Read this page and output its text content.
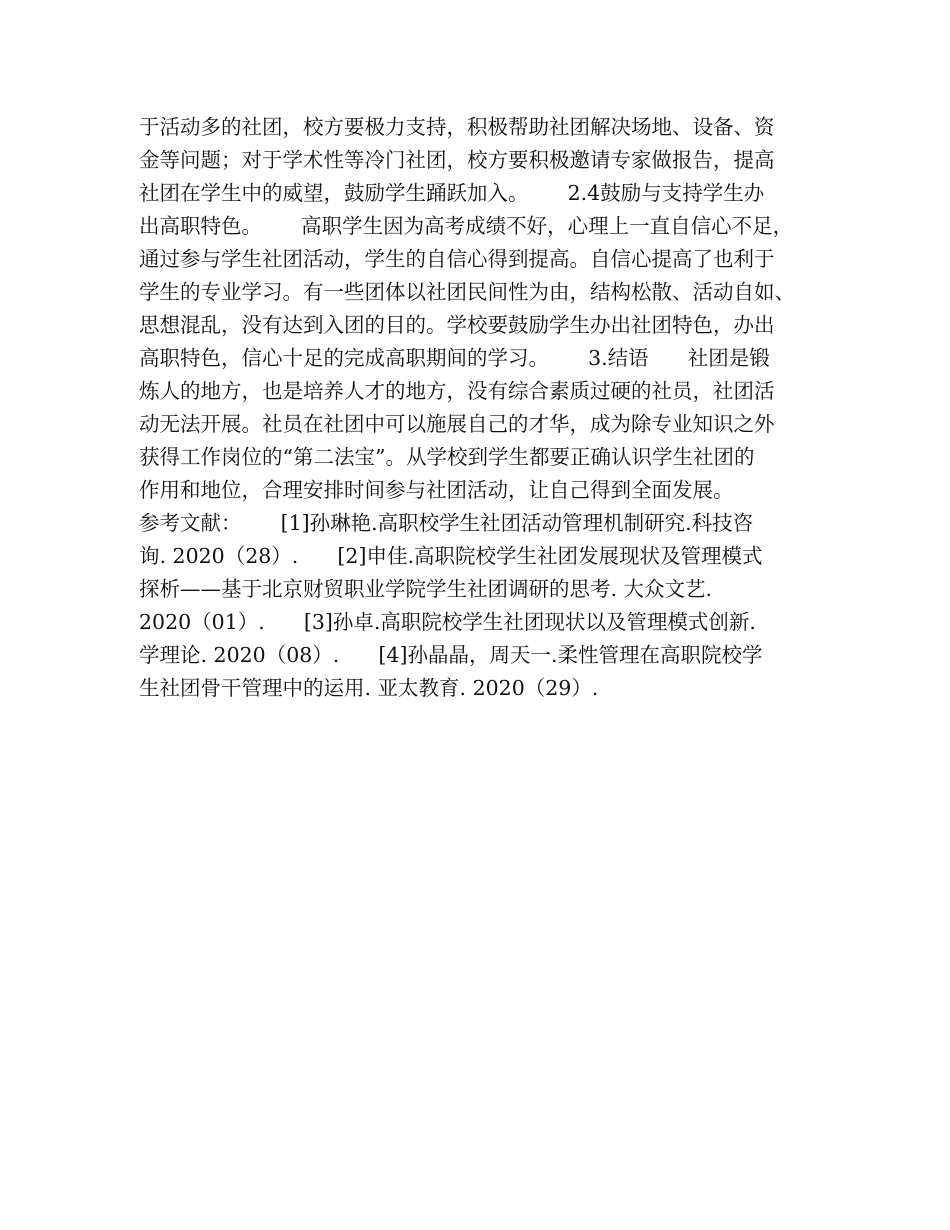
于活动多的社团，校方要极力支持，积极帮助社团解决场地、设备、资
金等问题；对于学术性等冷门社团，校方要积极邀请专家做报告，提高
社团在学生中的威望，鼓励学生踊跃加入。      2.4鼓励与支持学生办
出高职特色。      高职学生因为高考成绩不好，心理上一直自信心不足，
通过参与学生社团活动，学生的自信心得到提高。自信心提高了也利于
学生的专业学习。有一些团体以社团民间性为由，结构松散、活动自如、
思想混乱，没有达到入团的目的。学校要鼓励学生办出社团特色，办出
高职特色，信心十足的完成高职期间的学习。      3.结语      社团是锻
炼人的地方，也是培养人才的地方，没有综合素质过硬的社员，社团活
动无法开展。社员在社团中可以施展自己的才华，成为除专业知识之外
获得工作岗位的“第二法宝”。从学校到学生都要正确认识学生社团的
作用和地位，合理安排时间参与社团活动，让自己得到全面发展。
参考文献：      [1]孙琳艳.高职校学生社团活动管理机制研究.科技咨
询. 2020（28）.      [2]申佳.高职院校学生社团发展现状及管理模式
探析——基于北京财贸职业学院学生社团调研的思考. 大众文艺.
2020（01）.      [3]孙卓.高职院校学生社团现状以及管理模式创新.
学理论. 2020（08）.      [4]孙晶晶，周天一.柔性管理在高职院校学
生社团骨干管理中的运用. 亚太教育. 2020（29）.
